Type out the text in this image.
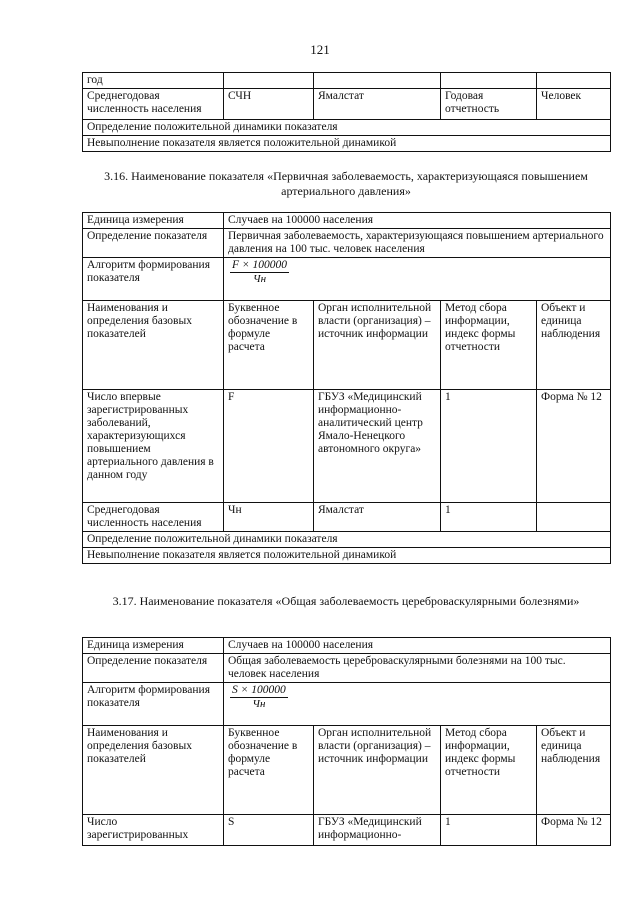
121
год				
Среднегодовая численность населения	СЧН	Ямалстат	Годовая отчетность	Человек
Определение положительной динамики показателя				
Невыполнение показателя является положительной динамикой				
3.16. Наименование показателя «Первичная заболеваемость, характеризующаяся повышением артериального давления»
Единица измерения	Случаев на 100000 населения			
Определение показателя	Первичная заболеваемость, характеризующаяся повышением артериального давления на 100 тыс. человек населения			
Алгоритм формирования показателя	$\frac{F \times 100000}{Чн}$

Наименования и определения базовых показателей	Буквенное обозначение в формуле расчета	Орган исполнительной власти (организация) – источник информации	Метод сбора информации, индекс формы отчетности	Объект и единица наблюдения
Число впервые зарегистрированных заболеваний, характеризующихся повышением артериального давления в данном году	F	ГБУЗ «Медицинский информационно-аналитический центр Ямало-Ненецкого автономного округа»	1	Форма № 12
Среднегодовая численность населения	Чн	Ямалстат	1	
Определение положительной динамики показателя				
Невыполнение показателя является положительной динамикой				
3.17. Наименование показателя «Общая заболеваемость цереброваскулярными болезнями»
Единица измерения	Случаев на 100000 населения			
Определение показателя	Общая заболеваемость цереброваскулярными болезнями на 100 тыс. человек населения			
Алгоритм формирования показателя	$\frac{S \times 100000}{Чн}$

Наименования и определения базовых показателей	Буквенное обозначение в формуле расчета	Орган исполнительной власти (организация) – источник информации	Метод сбора информации, индекс формы отчетности	Объект и единица наблюдения
Число зарегистрированных	S	ГБУЗ «Медицинский информационно-	1	Форма № 12
